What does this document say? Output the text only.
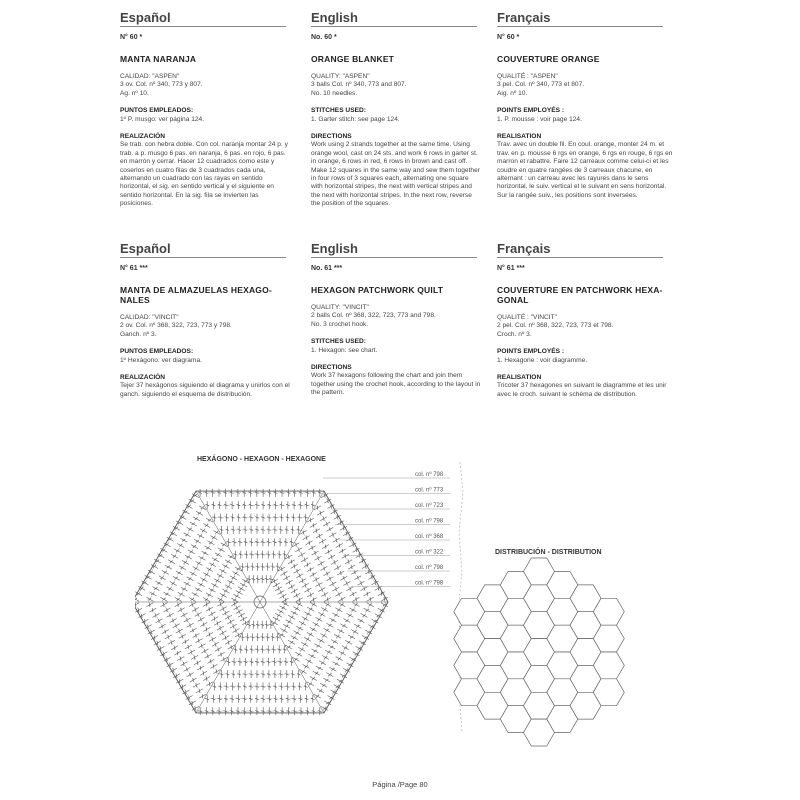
Español
N° 60 *
MANTA NARANJA
CALIDAD: "ASPEN"
3 ov. Col. nº 340, 773 y 807.
Ag. nº 10.
PUNTOS EMPLEADOS:
1º P. musgo: ver página 124.
REALIZACIÓN
Se trab. con hebra doble. Con col. naranja montar 24 p. y trab. a p. musgo 6 pas. en naranja, 6 pas. en rojo, 6 pas. en marrón y cerrar. Hacer 12 cuadrados como este y coserlos en cuatro filas de 3 cuadrados cada una, alternando un cuadrado con las rayas en sentido horizontal, el sig. en sentido vertical y el siguiente en sentido horizontal. En la sig. fila se invierten las posiciones.
English
No. 60 *
ORANGE BLANKET
QUALITY: "ASPEN"
3 balls Col. nº 340, 773 and 807.
No. 10 needles.
STITCHES USED:
1. Garter stitch: see page 124.
DIRECTIONS
Work using 2 strands together at the same time. Using orange wool, cast on 24 sts. and work 6 rows in garter st. in orange, 6 rows in red, 6 rows in brown and cast off. Make 12 squares in the same way and sew them together in four rows of 3 squares each, alternating one square with horizontal stripes, the next with vertical stripes and the next with horizontal stripes. In the next row, reverse the position of the squares.
Français
N° 60 *
COUVERTURE ORANGE
QUALITÉ : "ASPEN"
3 pel. Col. nº 340, 773 et 807.
Aig. nº 10.
POINTS EMPLOYÉS :
1. P. mousse : voir page 124.
REALISATION
Trav. avec un double fil. En coul. orange, monter 24 m. et trav. en p. mousse 6 rgs en orange, 6 rgs en rouge, 6 rgs en marron et rabattre. Faire 12 carreaux comme celui-ci et les coudre en quatre rangées de 3 carreaux chacune, en alternant : un carreau avec les rayures dans le sens horizontal, le suiv. vertical et le suivant en sens horizontal. Sur la rangée suiv., les positions sont inversées.
Español
N° 61 ***
MANTA DE ALMAZUELAS HEXAGO-
NALES
CALIDAD: "VINCIT"
2 ov. Col. nº 368, 322, 723, 773 y 798.
Ganch. nº 3.
PUNTOS EMPLEADOS:
1º Hexágono: ver diagrama.
REALIZACIÓN
Tejer 37 hexágonos siguiendo el diagrama y unirlos con el ganch. siguiendo el esquema de distribución.
English
No. 61 ***
HEXAGON PATCHWORK QUILT
QUALITY: "VINCIT"
2 balls Col. nº 368, 322, 723, 773 and 798.
No. 3 crochet hook.
STITCHES USED:
1. Hexagon: see chart.
DIRECTIONS
Work 37 hexagons following the chart and join them together using the crochet hook, according to the layout in the pattern.
Français
N° 61 ***
COUVERTURE EN PATCHWORK HEXA-
GONAL
QUALITÉ : "VINCIT"
2 pel. Col. nº 368, 322, 723, 773 et 798.
Croch. nº 3.
POINTS EMPLOYÉS :
1. Hexagone : voir diagramme.
REALISATION
Tricoter 37 hexagones en suivant le diagramme et les unir avec le croch. suivant le schéma de distribution.
HEXÁGONO - HEXAGON - HEXAGONE
col. nº 798
col. nº 773
col. nº 723
col. nº 798
col. nº 368
col. nº 322
col. nº 798
col. nº 798
DISTRIBUCIÓN - DISTRIBUTION
Página /Page 80
